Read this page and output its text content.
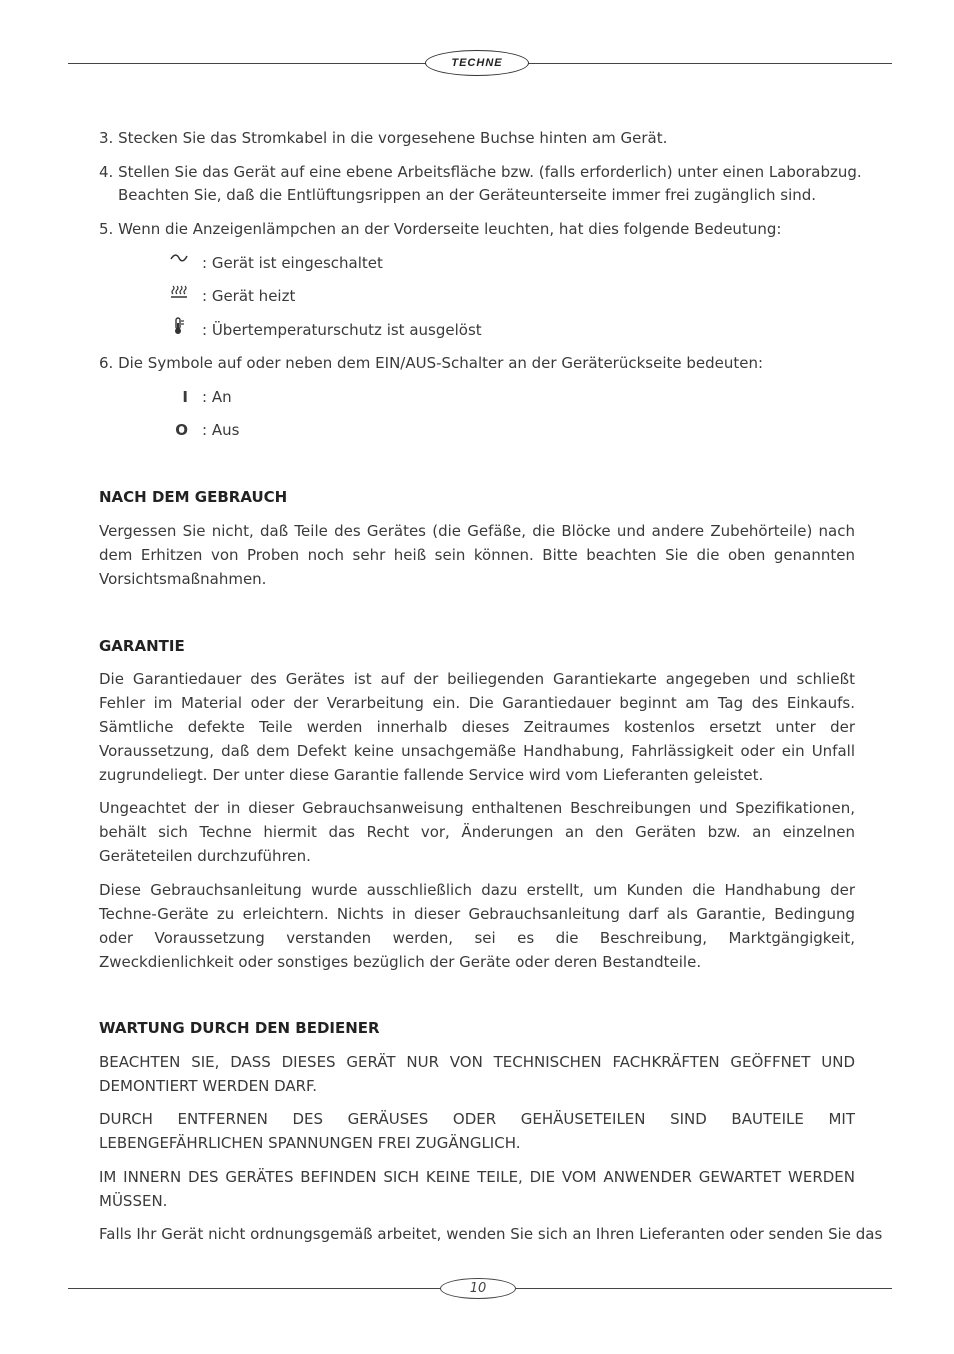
TECHNE
3. Stecken Sie das Stromkabel in die vorgesehene Buchse hinten am Gerät.
4. Stellen Sie das Gerät auf eine ebene Arbeitsfläche bzw. (falls erforderlich) unter einen Laborabzug.
Beachten Sie, daß die Entlüftungsrippen an der Geräteunterseite immer frei zugänglich sind.
5. Wenn die Anzeigenlämpchen an der Vorderseite leuchten, hat dies folgende Bedeutung:
: Gerät ist eingeschaltet
: Gerät heizt
: Übertemperaturschutz ist ausgelöst
6. Die Symbole auf oder neben dem EIN/AUS-Schalter an der Geräterückseite bedeuten:
I : An
O : Aus
NACH DEM GEBRAUCH
Vergessen Sie nicht, daß Teile des Gerätes (die Gefäße, die Blöcke und andere Zubehörteile) nach dem Erhitzen von Proben noch sehr heiß sein können. Bitte beachten Sie die oben genannten Vorsichtsmaßnahmen.
GARANTIE
Die Garantiedauer des Gerätes ist auf der beiliegenden Garantiekarte angegeben und schließt Fehler im Material oder der Verarbeitung ein. Die Garantiedauer beginnt am Tag des Einkaufs. Sämtliche defekte Teile werden innerhalb dieses Zeitraumes kostenlos ersetzt unter der Voraussetzung, daß dem Defekt keine unsachgemäße Handhabung, Fahrlässigkeit oder ein Unfall zugrundeliegt. Der unter diese Garantie fallende Service wird vom Lieferanten geleistet.
Ungeachtet der in dieser Gebrauchsanweisung enthaltenen Beschreibungen und Spezifikationen, behält sich Techne hiermit das Recht vor, Änderungen an den Geräten bzw. an einzelnen Geräteteilen durchzuführen.
Diese Gebrauchsanleitung wurde ausschließlich dazu erstellt, um Kunden die Handhabung der Techne-Geräte zu erleichtern. Nichts in dieser Gebrauchsanleitung darf als Garantie, Bedingung oder Voraussetzung verstanden werden, sei es die Beschreibung, Marktgängigkeit, Zweckdienlichkeit oder sonstiges bezüglich der Geräte oder deren Bestandteile.
WARTUNG DURCH DEN BEDIENER
BEACHTEN SIE, DASS DIESES GERÄT NUR VON TECHNISCHEN FACHKRÄFTEN GEÖFFNET UND DEMONTIERT WERDEN DARF.
DURCH ENTFERNEN DES GERÄUSES ODER GEHÄUSETEILEN SIND BAUTEILE MIT LEBENGEFÄHRLICHEN SPANNUNGEN FREI ZUGÄNGLICH.
IM INNERN DES GERÄTES BEFINDEN SICH KEINE TEILE, DIE VOM ANWENDER GEWARTET WERDEN MÜSSEN.
Falls Ihr Gerät nicht ordnungsgemäß arbeitet, wenden Sie sich an Ihren Lieferanten oder senden Sie das
10
